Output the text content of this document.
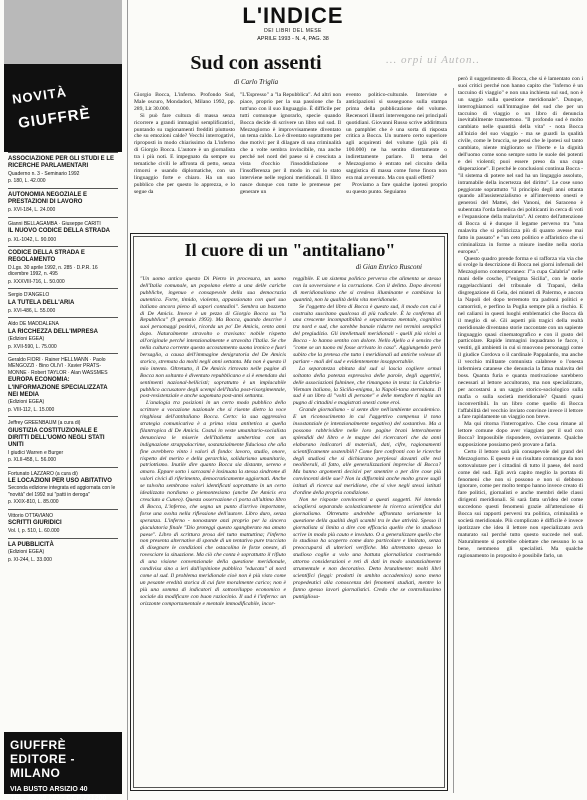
L'INDICE
DEI LIBRI DEL MESE
APRILE 1993 - N. 4, PAG. 38
... orpi ui Auton..
NOVITÀ
GIUFFRÈ
ASSOCIAZIONE PER GLI STUDI E LE RICERCHE PARLAMENTARI
Quaderno n. 3 - Seminario 1992
p. 180, L. 42.000
AUTONOMIA NEGOZIALE E PRESTAZIONI DI LAVORO
p. XVI-184, L. 24.000
Gianni BELLAGAMBA · Giuseppe CARITI
IL NUOVO CODICE DELLA STRADA
p. XL-1042, L. 90.000
CODICE DELLA STRADA E REGOLAMENTO
D.Lgs. 30 aprile 1992, n. 285 · D.P.R. 16 dicembre 1992, n. 495
p. XXXVIII-716, L. 50.000
Sergio D'ANGELO
LA TUTELA DELL'ARIA
p. XVI-486, L. 55.000
Aldo DE MADDALENA
LA RICCHEZZA DELL'IMPRESA
(Edizioni EGEA)
p. XVII-590, L. 75.000
Geraldo FIORI · Rainer HELLMANN · Paolo MENGOZZI · Bino OLIVI · Xavier PRATS-MONNE · Robert TAYLOR · Alan WASSMES
EUROPA ECONOMIA: L'INFORMAZIONE SPECIALIZZATA NEI MEDIA
(Edizioni EGEA)
p. VIII-112, L. 15.000
Jeffrey GREENBAUM (a cura di)
GIUSTIZIA COSTITUZIONALE E DIRITTI DELL'UOMO NEGLI STATI UNITI
I giudici Warren e Burger
p. XLII-458, L. 56.000
Fortunato LAZZARO (a cura di)
LE LOCAZIONI PER USO ABITATIVO
Seconda edizione integrata ed aggiornata con le "novità" del 1992 sui "patti in deroga"
p. XXIX-810, L. 85.000
Vittorio OTTAVIANO
SCRITTI GIURIDICI
Vol. I, p. 510, L. 60.000
LA PUBBLICITÀ
(Edizioni EGEA)
p. XI-244, L. 33.000
GIUFFRÈ EDITORE - MILANO
VIA BUSTO ARSIZIO 40
TEL. 30089.290 · CCP 721200
Sud con assenti
di Carlo Triglia

Giorgio Bocca, L'inferno. Profondo Sud, Male oscuro, Mondadori, Milano 1992, pp. 289, Lit 30.000.

Si può fare cultura di massa senza ricorrere a grandi immagini semplificatrici, puntando su ragionamenti fredditi piuttosto che su emozioni calde? Vecchi interrogativi, riproposti in modo chiarissimo da L'inferno di Giorgio Bocca. L'autore è un giornalista tra i più noti. E impegnato da sempre su tematiche civili le affronta di petto, senza rimorsi e usando diplomatiche, con un linguaggio forte e chiaro. Ha un suo pubblico che per questo lo apprezza, e lo segue da

"L'Espresso" a "la Repubblica". Ad altri non piace, proprio per la sua passione che fa tutt'uno con il suo linguaggio. È difficile per tutti comunque ignorarlo, specie quando Bocca decide di scrivere un libro sul sud. Il Mezzogiorno è improvvisamente diventato un tema caldo. Lo è diventato soprattutto per due motivi: per il dilagare di una criminalità che a volte sembra invincibile, ma anche perché nel nord del paese si è cresciuta a vista d'occhio l'insoddisfazione e l'insofferenza per il modo in cui lo stato interviene nelle regioni meridionali. Il libro nasce dunque con tutte le premesse per generare un

evento politico-culturale. Interviste e anticipazioni si susseguono sulla stampa prima della pubblicazione del volume. Recensori illustri intervengono nei principali quotidiani. Giovanni Russo scrive addirittura un pamphlet che è una sorta di risposta critica a Bocca. Un numero certo superiore agli acquirenti del volume (già più di 100.000) ne ha sentito direttamente o indirettamente parlare. Il tema del Mezzogiorno è entrato nel circuito della saggistica di massa come forse finora non era mai avvenuto. Ma con quali effetti?

Proviamo a fare qualche ipotesi proprio su questo punto. Seguiamo

però il suggerimento di Bocca, che si è lamentato con i suoi critici perché non hanno capito che "inferno è un taccuino di viaggio" e non una inchiesta sul sud, non è un saggio sulla questione meridionale". Dunque, interroghiamoci sull'immagine del sud che per un taccuino di viaggio o un libro di denuncia inevitabilmente trasmettono. "Il profondo sud è molto cambiato nelle quantità della vita" - nota Bocca all'inizio del suo viaggio - ma se guardi la qualità civile, come le bruccia, se pensi che le ipotesi sul tanto cambiato, niente migliorato se l'iberte e la dignità dell'uomo come sono sempre sotto le suole dei potenti e dei violenti; puoi essere preso da una cupa disperazione". Il perché le conclusioni continua Bocca - "il sistema di potere nel sud ha un lingaggio assoluto, intramabile della incertezza del diritto". Le cose sono peggiorate soprattutto "il principio degli anni ottanta quando all'assistenzialismo e all'intervento onesti e generosi del Mattei, dei Vanoni, dei Saraceno è subentrata l'orda famelica dei politicanti in cerca di voti e l'espansione della malavita". Al centro dell'attenzione di Bocca si è dunque il legame perverso tra "una malavita che si politicizza più di quanto avesse mai fatto in passato" e "un ceto politico e affaristico che si criminalizza in forme a misure inedite nella storia europea".

Questo quadro prende forma e si rafforza via via che si svolge la descrizione di Bocca nei giorni infernali del Mezzogiorno contemporaneo: l'"a cupa Calabria" nelle mani delle cosche, l'"enigma Sicilia", con le storie raggelacchianti del tribunale di Trapani, della disgregazione di Gela, dei misteri di Palermo, e ancora la Napoli del dopo terremoto tra padroni politici e camorristi, e perfino la Puglia sempre più a rischio. E nel caliarsi in questi luoghi emblematici che Bocca dà il meglio di sé. Gli aspetti più tragici della realtà meridionale diventano storie raccontate con un sapiente linguaggio quasi cinematografico e con il gusto del particolare. Rapide immagini inquadrano le facce, i vestiti, gli ambienti in cui si muovono personaggi come il giudice Cordova o il cardinale Pappalardo, ma anche il vecchio militante comunista calabrese o l'onesta infermiera catanese che denuncia la fatua malavita del boss. Quanta furia e quanta motivazione sarebbero necessari al lettore accultorato, ma non specializzato, per accostarsi a un saggio storico-sociologico sulla mafia o sulla società meridionale? Quanti quasi inconvertibili. In un libro come quello di Bocca l'affabilità del vecchio inviato convince invece il lettore a fare rapidamente un viaggio non breve.

Ma qui ritorna l'interrogativo. Che cosa rimane al lettore comune dopo aver viaggiato per il sud con Bocca? Impossibile rispondere, ovviamente. Qualche supposizione possiamo però provare a farla.

Certo il lettore sarà più consapevole del grand del Mezzogiorno. E questo è un risultato comunque da non sottovalutare per i cittadini di tutto il paese, del nord come del sud. Egli avrà capito meglio la portata di fenomeni che non si possono e non si debbono ignorare, come per molto tempo hanno invece creato di fare politici, giornalisti e anche membri delle classi dirigenti meridionali. Si sarà fatta un'idea del come succedono questi fenomeni grazie all'attenzione di Bocca sui rapporti perversi tra politica, criminalità e società meridionale. Più complicato è difficile è invece ipotizzare che idea il lettore non specializzato avrà maturato sul perché tutto questo succede nel sud. Naturalmente si potrebbe obiettare che nessuno lo sa bene, nemmeno gli specialisti. Ma qualche ragionamento in proposito è possibile farlo, un

Il cuore di un "antitaliano"
di Gian Enrico Rusconi

"Un uomo antico questo Di Pietro in procesura, un uomo dell'Italia comunale, un popolano eletto a una delle cariche pubbliche, ingenuo e consapevole della sua democrazia autentica. Forte, timido, violento, appassionato con quel suo italiano ancora pieno di sapori contadini". Sembra un bozzetto di De Amicis. Invece è un pezzo di Giorgio Bocca su "la Repubblica" (9 gennaio 1993). Ma Bocca, quando descrive i suoi personaggi positivi, ricorda un po' De Amicis, cento anni dopo. Naturalmente stravolto o travisato: nobile rispetto all'originale perché intenzionalmente e stravolta l'Italia. Se che nella cultura corrente questo accostamento suona ironico e fuori bersaglio, a causa dell'immagine denigratoria del De Amicis storico, stremata da molti negli anni settanta. Ma non è questo il mio intento. Oltretutto, il De Amicis ritrovato nelle pagine di Bocca non soltanto è diventato repubblicano e si è emendato dai sentimenti nazional-bellicisti; soprattutto è un implacabile pubblico accusatore degli scempi dell'Italia post-risorgimentale, post-resistenziale e anche sagomata post-anni settanta.

L'analogia tra posizioni in un certo modo pubblico dello scrittore a vocazione nazionale che si risente dietro la voce ringhiosa dell'antitaliano Bocca. Certo: la sua aggressiva strategia comunicativa è a prima vista antitetica a quella filantropica di De Amicis. Costui in veste umanitario-socialista denunciava le miserie dell'Italietta umbertina con un indignazione strappalacrime, sostanzialmente fiduciosa che alla fine avrebbero vinto i valori di fondo: lavoro, studio, onore, rispetto del merito e della gerarchia, solidarismo umanitario, patriottismo. Inutile dire quanto Bocca sia distante, sereno e amaro. Eppure sotto i sarcasmi è insinuata la stessa sindrome di valori civici di riferimento, democraticamente aggiornati. Anche se talvolta sembrano valori identificati soprattutto in un certo idealizzato nordismo o piemontesismo (anche De Amicis era cresciuto a Cuneo). Questa osservazione ci porta all'ultimo libro di Bocca, L'inferno, che segna un punto d'arrivo importante, forse una svolta nella riflessione dell'autore. Libro duro, senza speranza. L'inferno - nonostante anzi proprio per la sincera giaculatoria finale "Dio proteggi questo sgangherato ma amato paese". Libro di scrittura prosa del tutto mattuttina; l'inferno non presenta alternative di sponde di un tentativo pure tracciato di disegnare le condizioni che ostacolino le forze oneste, di rovesciare la situazione. Ma ciò che conta è soprattutto il rifiuto di una visione convenzionale della questione meridionale, condivisa sino a ieri dall'opinione pubblica "educata" al nord come al sud. Il problema meridionale cioè non è più visto come un pesante eredità storica di cui fare moralmente carico; non è più una somma di indicatori di sottosviluppo economico e sociale da modificare con buon raziocinio. Il sud è l'inferno: un orizzonte comportamentale e mentale immodificabile, incor-

reggibile. E un sistema politico perverso che alimenta se stesso con la sovversione e la corruzione. Con il delitto. Dopo decenni di meridionalismo che si credeva illuminante e cambiava la quantità, non la qualità della vita meridionale.

Se l'oggetto del libro di Bocca è questo sud, il modo con cui è costruita suscitano qualcosa di più radicale. È la conferma di una crescente incompatibilità e separatezza mentale, cognitiva tra nord e sud, che sarebbe banale ridurre nei termini semplici del pregiudizio. Gli intellettuali meridionali - quelli più vicini a Bocca - lo hanno sentito con dolore. Nello Ajello a è sensito che "come se un tuono mi fosse arrivato in casa". Aggiungendo però subito che la pretesa che tutto i meridionali ad antiche volesse di parlare - mali del sud e evidentemente insopportabile.

La separatezza abitata dal sud si lascia cogliere ormai soltanto della potenza espressiva delle parole, degli aggettivi, delle associazioni fulminee, che rimangono in testa: la Calabria-Vietnam italiano, la Sicilia-enigma, la Napoli-tana sterminata. Il sud è un libro di "volti di persone" e delle metafore ti taglia un pugno di cittadini e magistrati onesti come eroi.

Grande giornalismo - si sente dire nell'ambiente accademico. E un riconoscimento in cui l'aggettivo compensa il tono insostanziale (e intenzionalmente negativo) del sostantivo. Ma a possono rabbrividire nelle loro pagine brani letteralmente splendidi del libro e le mappe dei ricercatori che da anni elaborano indicatori di materiali, dati, cifre, ragionamenti scientificamente sostenibili? Come fare confronti con le ricerche degli studiosi che si dichiarano perplessi davanti alle tesi neoliberali, di fatto, alle generalizzazioni imprecise di Bocca? Ma hanno argomenti decisivi per smentire o per dire cose più convincenti delle sue? Non la difformità anche molto grave sugli istituti di ricerca sul meridione, che si vive negli stessi istituti d'ordine della propria condizione.

Non ne risposte convincenti a questi soggetti. Né intendo sciogliersi separando scolasticamente la ricerca scientifica dal giornalismo. Oltretutto andrebbe affrontata seriamente la questione della qualità degli scambi tra le due attività. Spesso il giornalista si limita a dire con efficacia quello che lo studioso scrive in modo più cauto e involuto. O a generalizzare quello che lo studioso ha scoperto come dato particolare e limitato, senza preoccuparsi di ulteriori verifiche. Ma altrettanto spesso lo studioso coglie a volo una battuta giornalistica costruendo attorno considerazioni e reti di dati in modo sostanzialmente strumentale e non decorativo. Detto brutalmente: molti libri scientifici (leggi: prodotti in ambito accademico) sono meno propedeutici alla conoscenza dei fenomeni studiati, mentre lo fanno spesso lavori giornalistici. Credo che se controllassimo puntigliosa-
